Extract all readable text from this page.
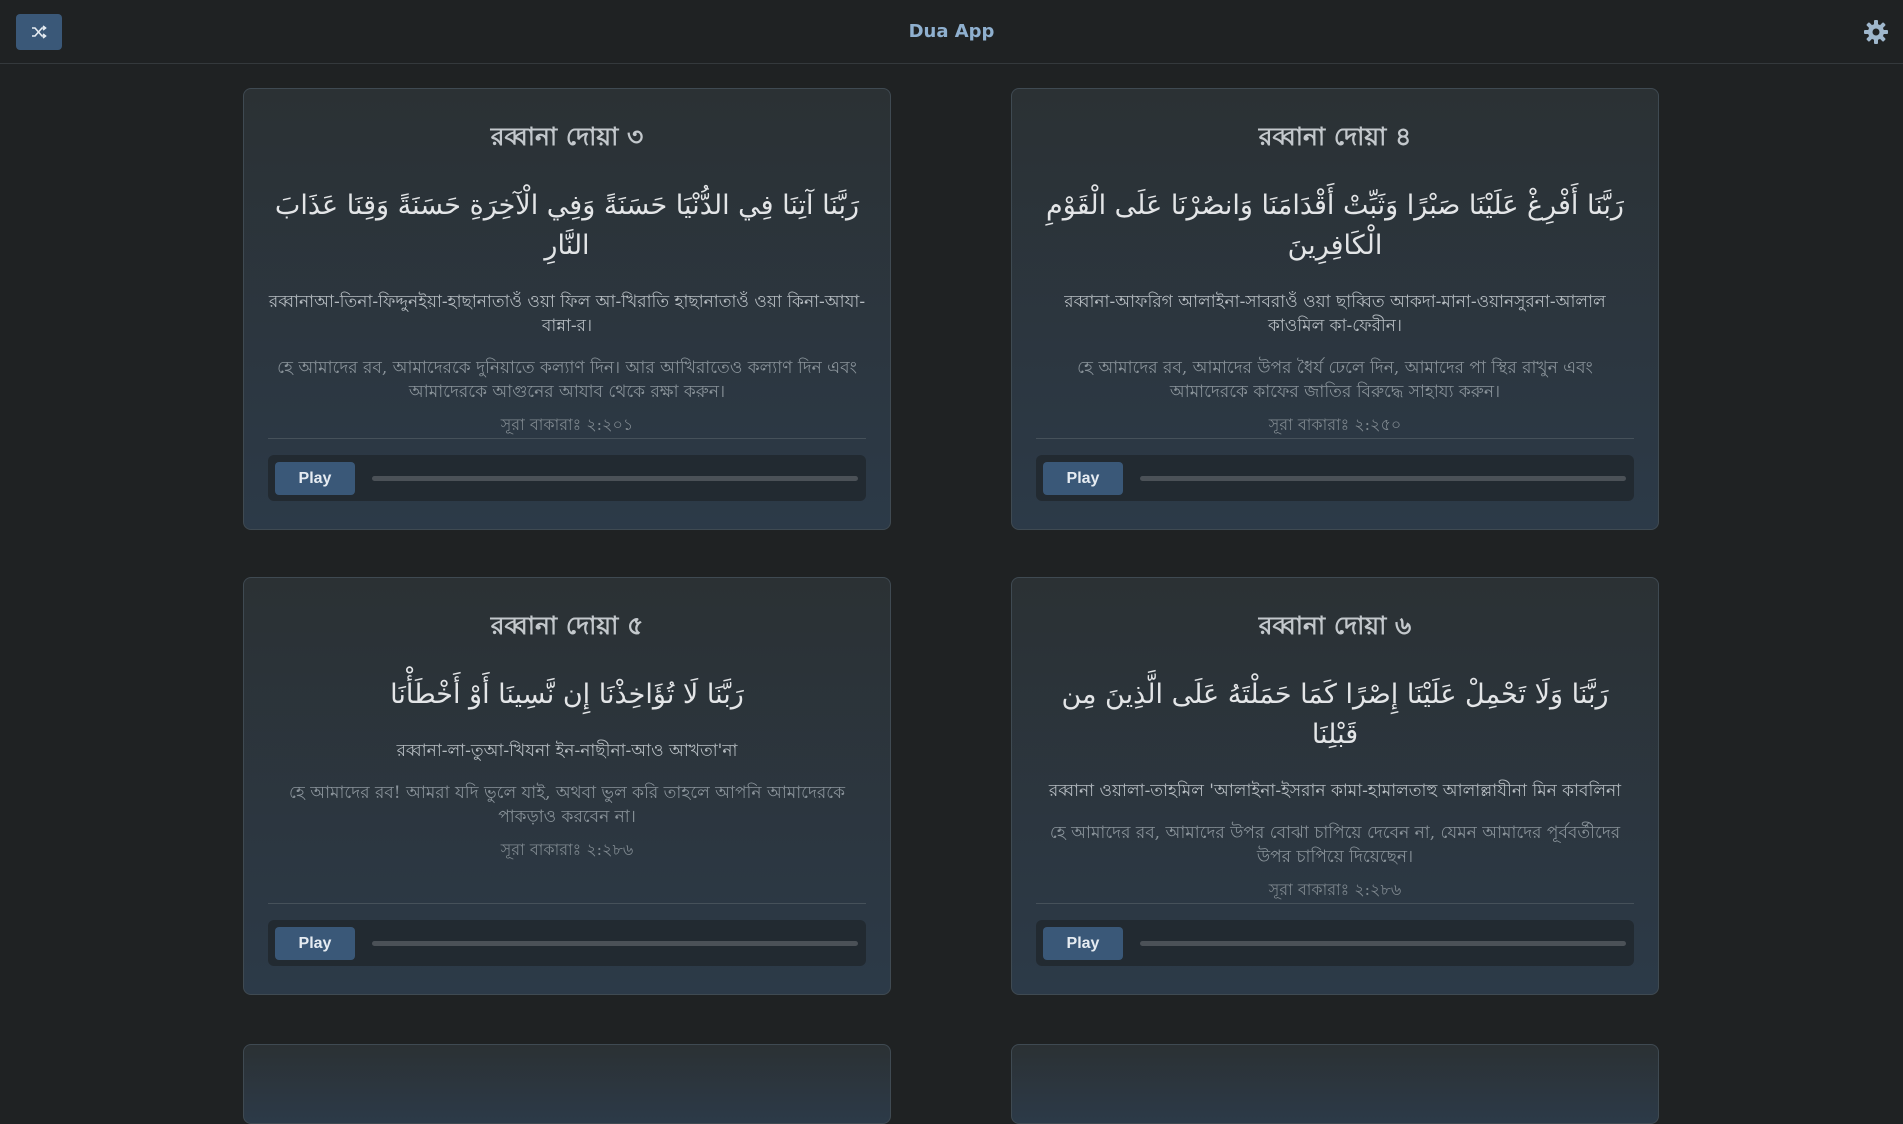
Dua App
রব্বানা দোয়া ৩
رَبَّنَا آتِنَا فِي الدُّنْيَا حَسَنَةً وَفِي الْآخِرَةِ حَسَنَةً وَقِنَا عَذَابَ النَّارِ
রব্বানাআ-তিনা-ফিদ্দুনইয়া-হাছানাতাওঁ ওয়া ফিল আ-খিরাতি হাছানাতাওঁ ওয়া কিনা-আযা-বান্না-র।
হে আমাদের রব, আমাদেরকে দুনিয়াতে কল্যাণ দিন। আর আখিরাতেও কল্যাণ দিন এবং আমাদেরকে আগুনের আযাব থেকে রক্ষা করুন।
সূরা বাকারাঃ ২:২০১
Play
রব্বানা দোয়া ৪
رَبَّنَا أَفْرِغْ عَلَيْنَا صَبْرًا وَثَبِّتْ أَقْدَامَنَا وَانصُرْنَا عَلَى الْقَوْمِ الْكَافِرِينَ
রব্বানা-আফরিগ আলাইনা-সাবরাওঁ ওয়া ছাব্বিত আকদা-মানা-ওয়ানসুরনা-আলাল কাওমিল কা-ফেরীন।
হে আমাদের রব, আমাদের উপর ধৈর্য ঢেলে দিন, আমাদের পা স্থির রাখুন এবং আমাদেরকে কাফের জাতির বিরুদ্ধে সাহায্য করুন।
সূরা বাকারাঃ ২:২৫০
Play
রব্বানা দোয়া ৫
رَبَّنَا لَا تُؤَاخِذْنَا إِن نَّسِينَا أَوْ أَخْطَأْنَا
রব্বানা-লা-তুআ-খিযনা ইন-নাছীনা-আও আখতা'না
হে আমাদের রব! আমরা যদি ভুলে যাই, অথবা ভুল করি তাহলে আপনি আমাদেরকে পাকড়াও করবেন না।
সূরা বাকারাঃ ২:২৮৬
Play
রব্বানা দোয়া ৬
رَبَّنَا وَلَا تَحْمِلْ عَلَيْنَا إِصْرًا كَمَا حَمَلْتَهُ عَلَى الَّذِينَ مِن قَبْلِنَا
রব্বানা ওয়ালা-তাহমিল 'আলাইনা-ইসরান কামা-হামালতাহু আলাল্লাযীনা মিন কাবলিনা
হে আমাদের রব, আমাদের উপর বোঝা চাপিয়ে দেবেন না, যেমন আমাদের পূর্ববর্তীদের উপর চাপিয়ে দিয়েছেন।
সূরা বাকারাঃ ২:২৮৬
Play
